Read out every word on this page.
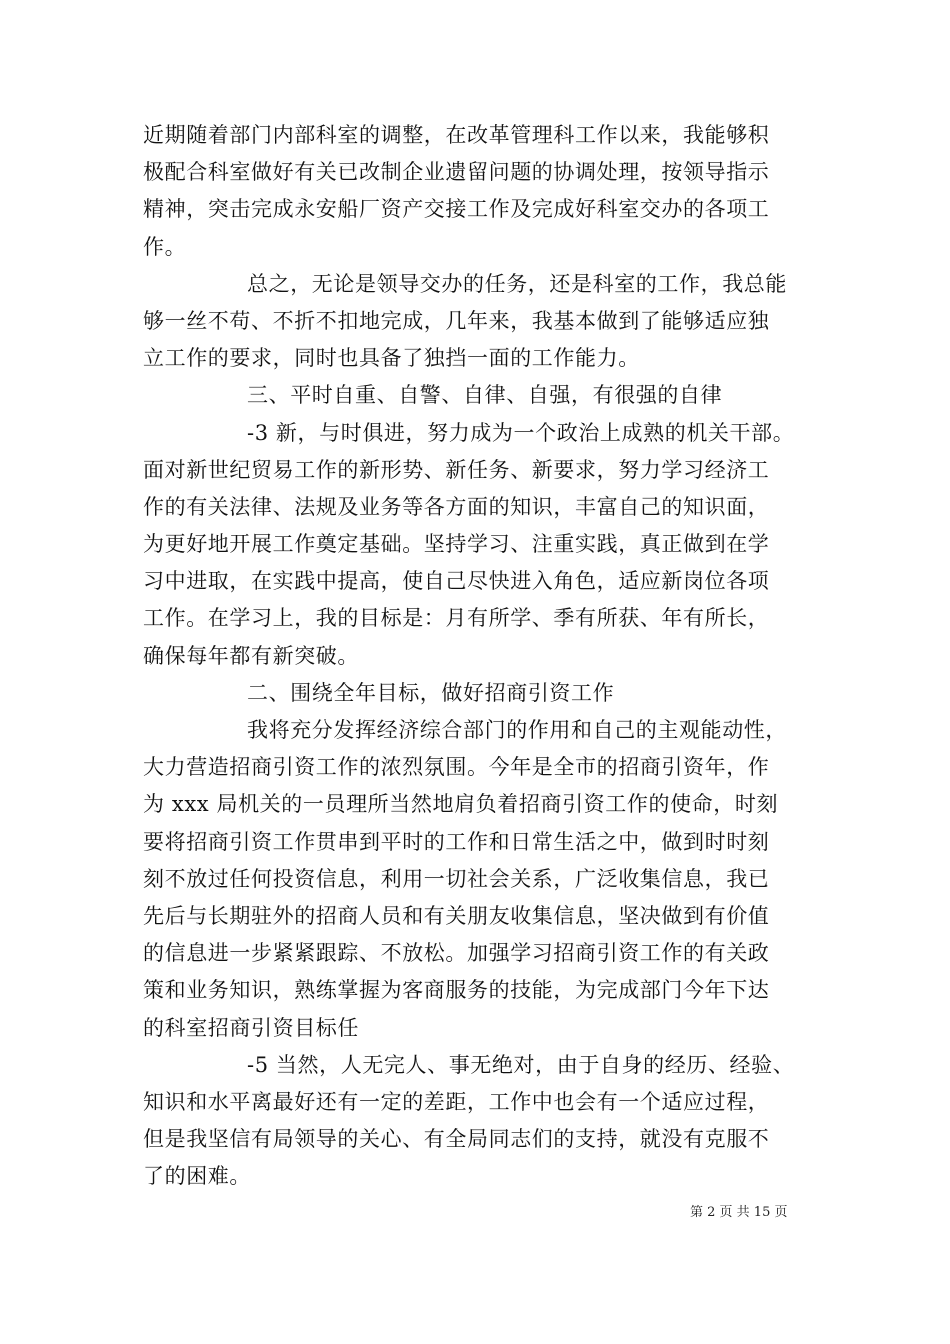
近期随着部门内部科室的调整，在改革管理科工作以来，我能够积
极配合科室做好有关已改制企业遗留问题的协调处理，按领导指示
精神，突击完成永安船厂资产交接工作及完成好科室交办的各项工
作。
总之，无论是领导交办的任务，还是科室的工作，我总能
够一丝不苟、不折不扣地完成，几年来，我基本做到了能够适应独
立工作的要求，同时也具备了独挡一面的工作能力。
三、平时自重、自警、自律、自强，有很强的自律
-3 新，与时俱进，努力成为一个政治上成熟的机关干部。
面对新世纪贸易工作的新形势、新任务、新要求，努力学习经济工
作的有关法律、法规及业务等各方面的知识，丰富自己的知识面，
为更好地开展工作奠定基础。坚持学习、注重实践，真正做到在学
习中进取，在实践中提高，使自己尽快进入角色，适应新岗位各项
工作。在学习上，我的目标是：月有所学、季有所获、年有所长，
确保每年都有新突破。
二、围绕全年目标，做好招商引资工作
我将充分发挥经济综合部门的作用和自己的主观能动性，
大力营造招商引资工作的浓烈氛围。今年是全市的招商引资年，作
为 xxx 局机关的一员理所当然地肩负着招商引资工作的使命，时刻
要将招商引资工作贯串到平时的工作和日常生活之中，做到时时刻
刻不放过任何投资信息，利用一切社会关系，广泛收集信息，我已
先后与长期驻外的招商人员和有关朋友收集信息，坚决做到有价值
的信息进一步紧紧跟踪、不放松。加强学习招商引资工作的有关政
策和业务知识，熟练掌握为客商服务的技能，为完成部门今年下达
的科室招商引资目标任
-5 当然，人无完人、事无绝对，由于自身的经历、经验、
知识和水平离最好还有一定的差距，工作中也会有一个适应过程，
但是我坚信有局领导的关心、有全局同志们的支持，就没有克服不
了的困难。
第 2 页 共 15 页
